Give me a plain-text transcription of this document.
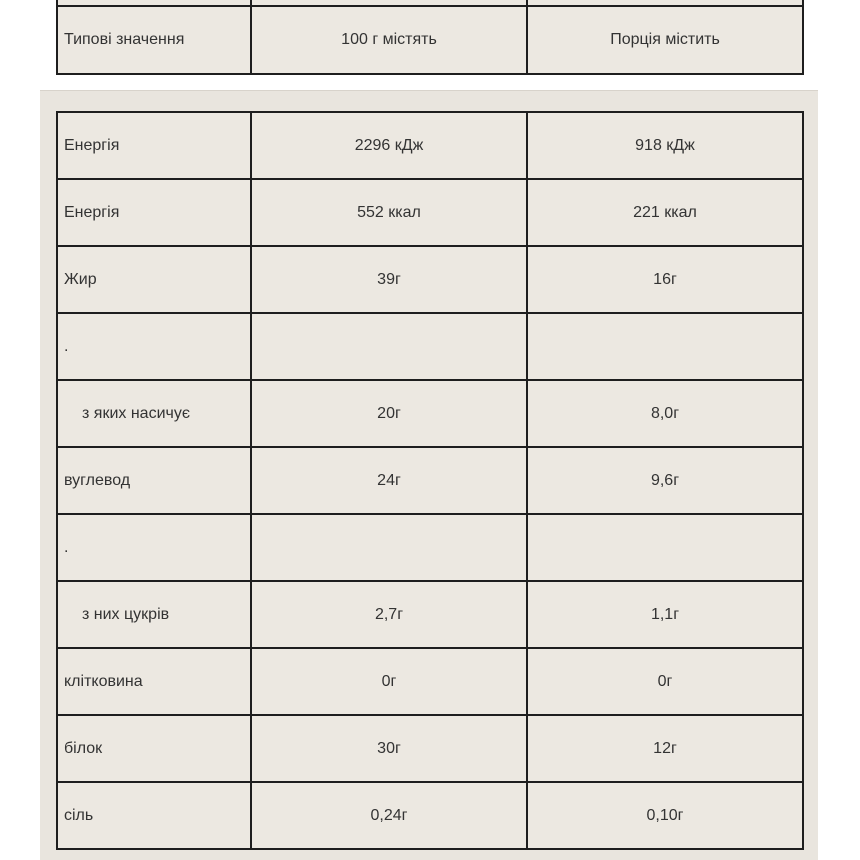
Типові значення	100 г містять	Порція містить
Енергія	2296 кДж	918 кДж
Енергія	552 ккал	221 ккал
Жир	39г	16г
.		
з яких насичує	20г	8,0г
вуглевод	24г	9,6г
.		
з них цукрів	2,7г	1,1г
клітковина	0г	0г
білок	30г	12г
сіль	0,24г	0,10г
